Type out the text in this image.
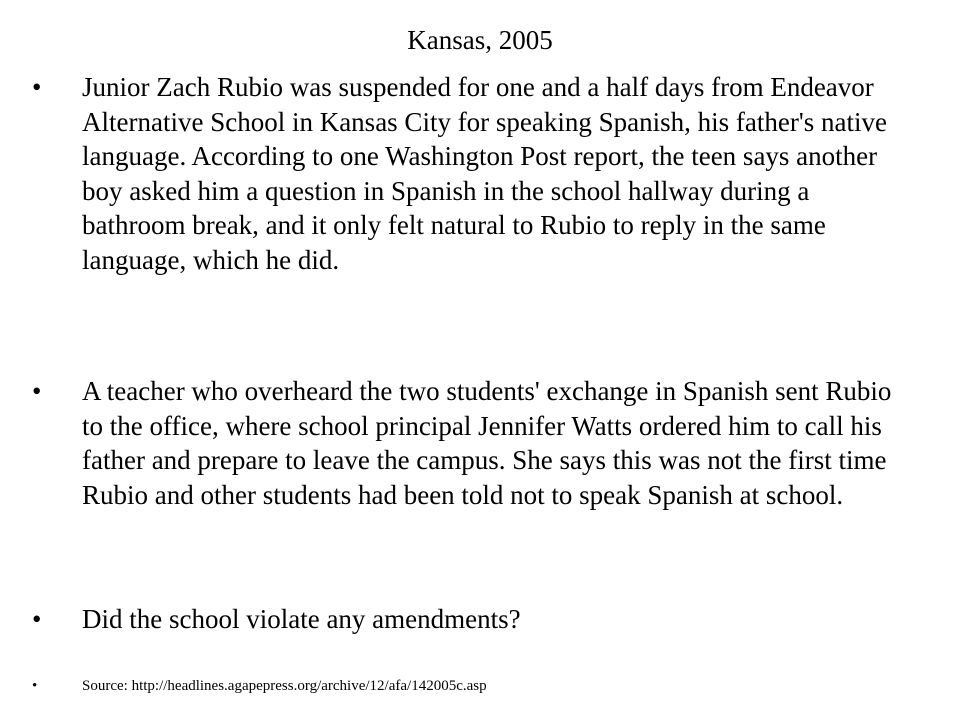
Kansas, 2005
•	Junior Zach Rubio was suspended for one and a half days from Endeavor Alternative School in Kansas City for speaking Spanish, his father's native language. According to one Washington Post report, the teen says another boy asked him a question in Spanish in the school hallway during a bathroom break, and it only felt natural to Rubio to reply in the same language, which he did.
•	A teacher who overheard the two students' exchange in Spanish sent Rubio to the office, where school principal Jennifer Watts ordered him to call his father and prepare to leave the campus. She says this was not the first time Rubio and other students had been told not to speak Spanish at school.
•	Did the school violate any amendments?
•	Source: http://headlines.agapepress.org/archive/12/afa/142005c.asp
